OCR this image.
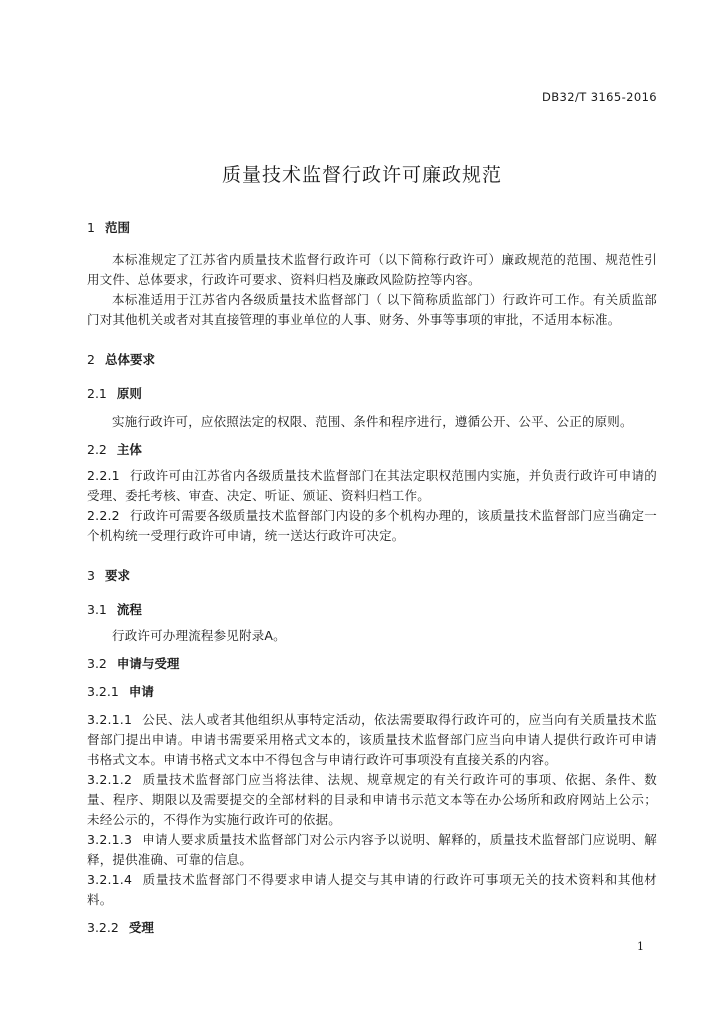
DB32/T 3165-2016
质量技术监督行政许可廉政规范

1 范围

本标准规定了江苏省内质量技术监督行政许可（以下简称行政许可）廉政规范的范围、规范性引用文件、总体要求，行政许可要求、资料归档及廉政风险防控等内容。

本标准适用于江苏省内各级质量技术监督部门（ 以下简称质监部门）行政许可工作。有关质监部门对其他机关或者对其直接管理的事业单位的人事、财务、外事等事项的审批，不适用本标准。

2 总体要求

2.1 原则

实施行政许可，应依照法定的权限、范围、条件和程序进行，遵循公开、公平、公正的原则。

2.2 主体

2.2.1 行政许可由江苏省内各级质量技术监督部门在其法定职权范围内实施，并负责行政许可申请的受理、委托考核、审查、决定、听证、颁证、资料归档工作。

2.2.2 行政许可需要各级质量技术监督部门内设的多个机构办理的，该质量技术监督部门应当确定一个机构统一受理行政许可申请，统一送达行政许可决定。

3 要求

3.1 流程

行政许可办理流程参见附录A。

3.2 申请与受理

3.2.1 申请

3.2.1.1 公民、法人或者其他组织从事特定活动，依法需要取得行政许可的，应当向有关质量技术监督部门提出申请。申请书需要采用格式文本的，该质量技术监督部门应当向申请人提供行政许可申请书格式文本。申请书格式文本中不得包含与申请行政许可事项没有直接关系的内容。

3.2.1.2 质量技术监督部门应当将法律、法规、规章规定的有关行政许可的事项、依据、条件、数量、程序、期限以及需要提交的全部材料的目录和申请书示范文本等在办公场所和政府网站上公示；未经公示的，不得作为实施行政许可的依据。

3.2.1.3 申请人要求质量技术监督部门对公示内容予以说明、解释的，质量技术监督部门应说明、解释，提供准确、可靠的信息。

3.2.1.4 质量技术监督部门不得要求申请人提交与其申请的行政许可事项无关的技术资料和其他材料。

3.2.2 受理

1
